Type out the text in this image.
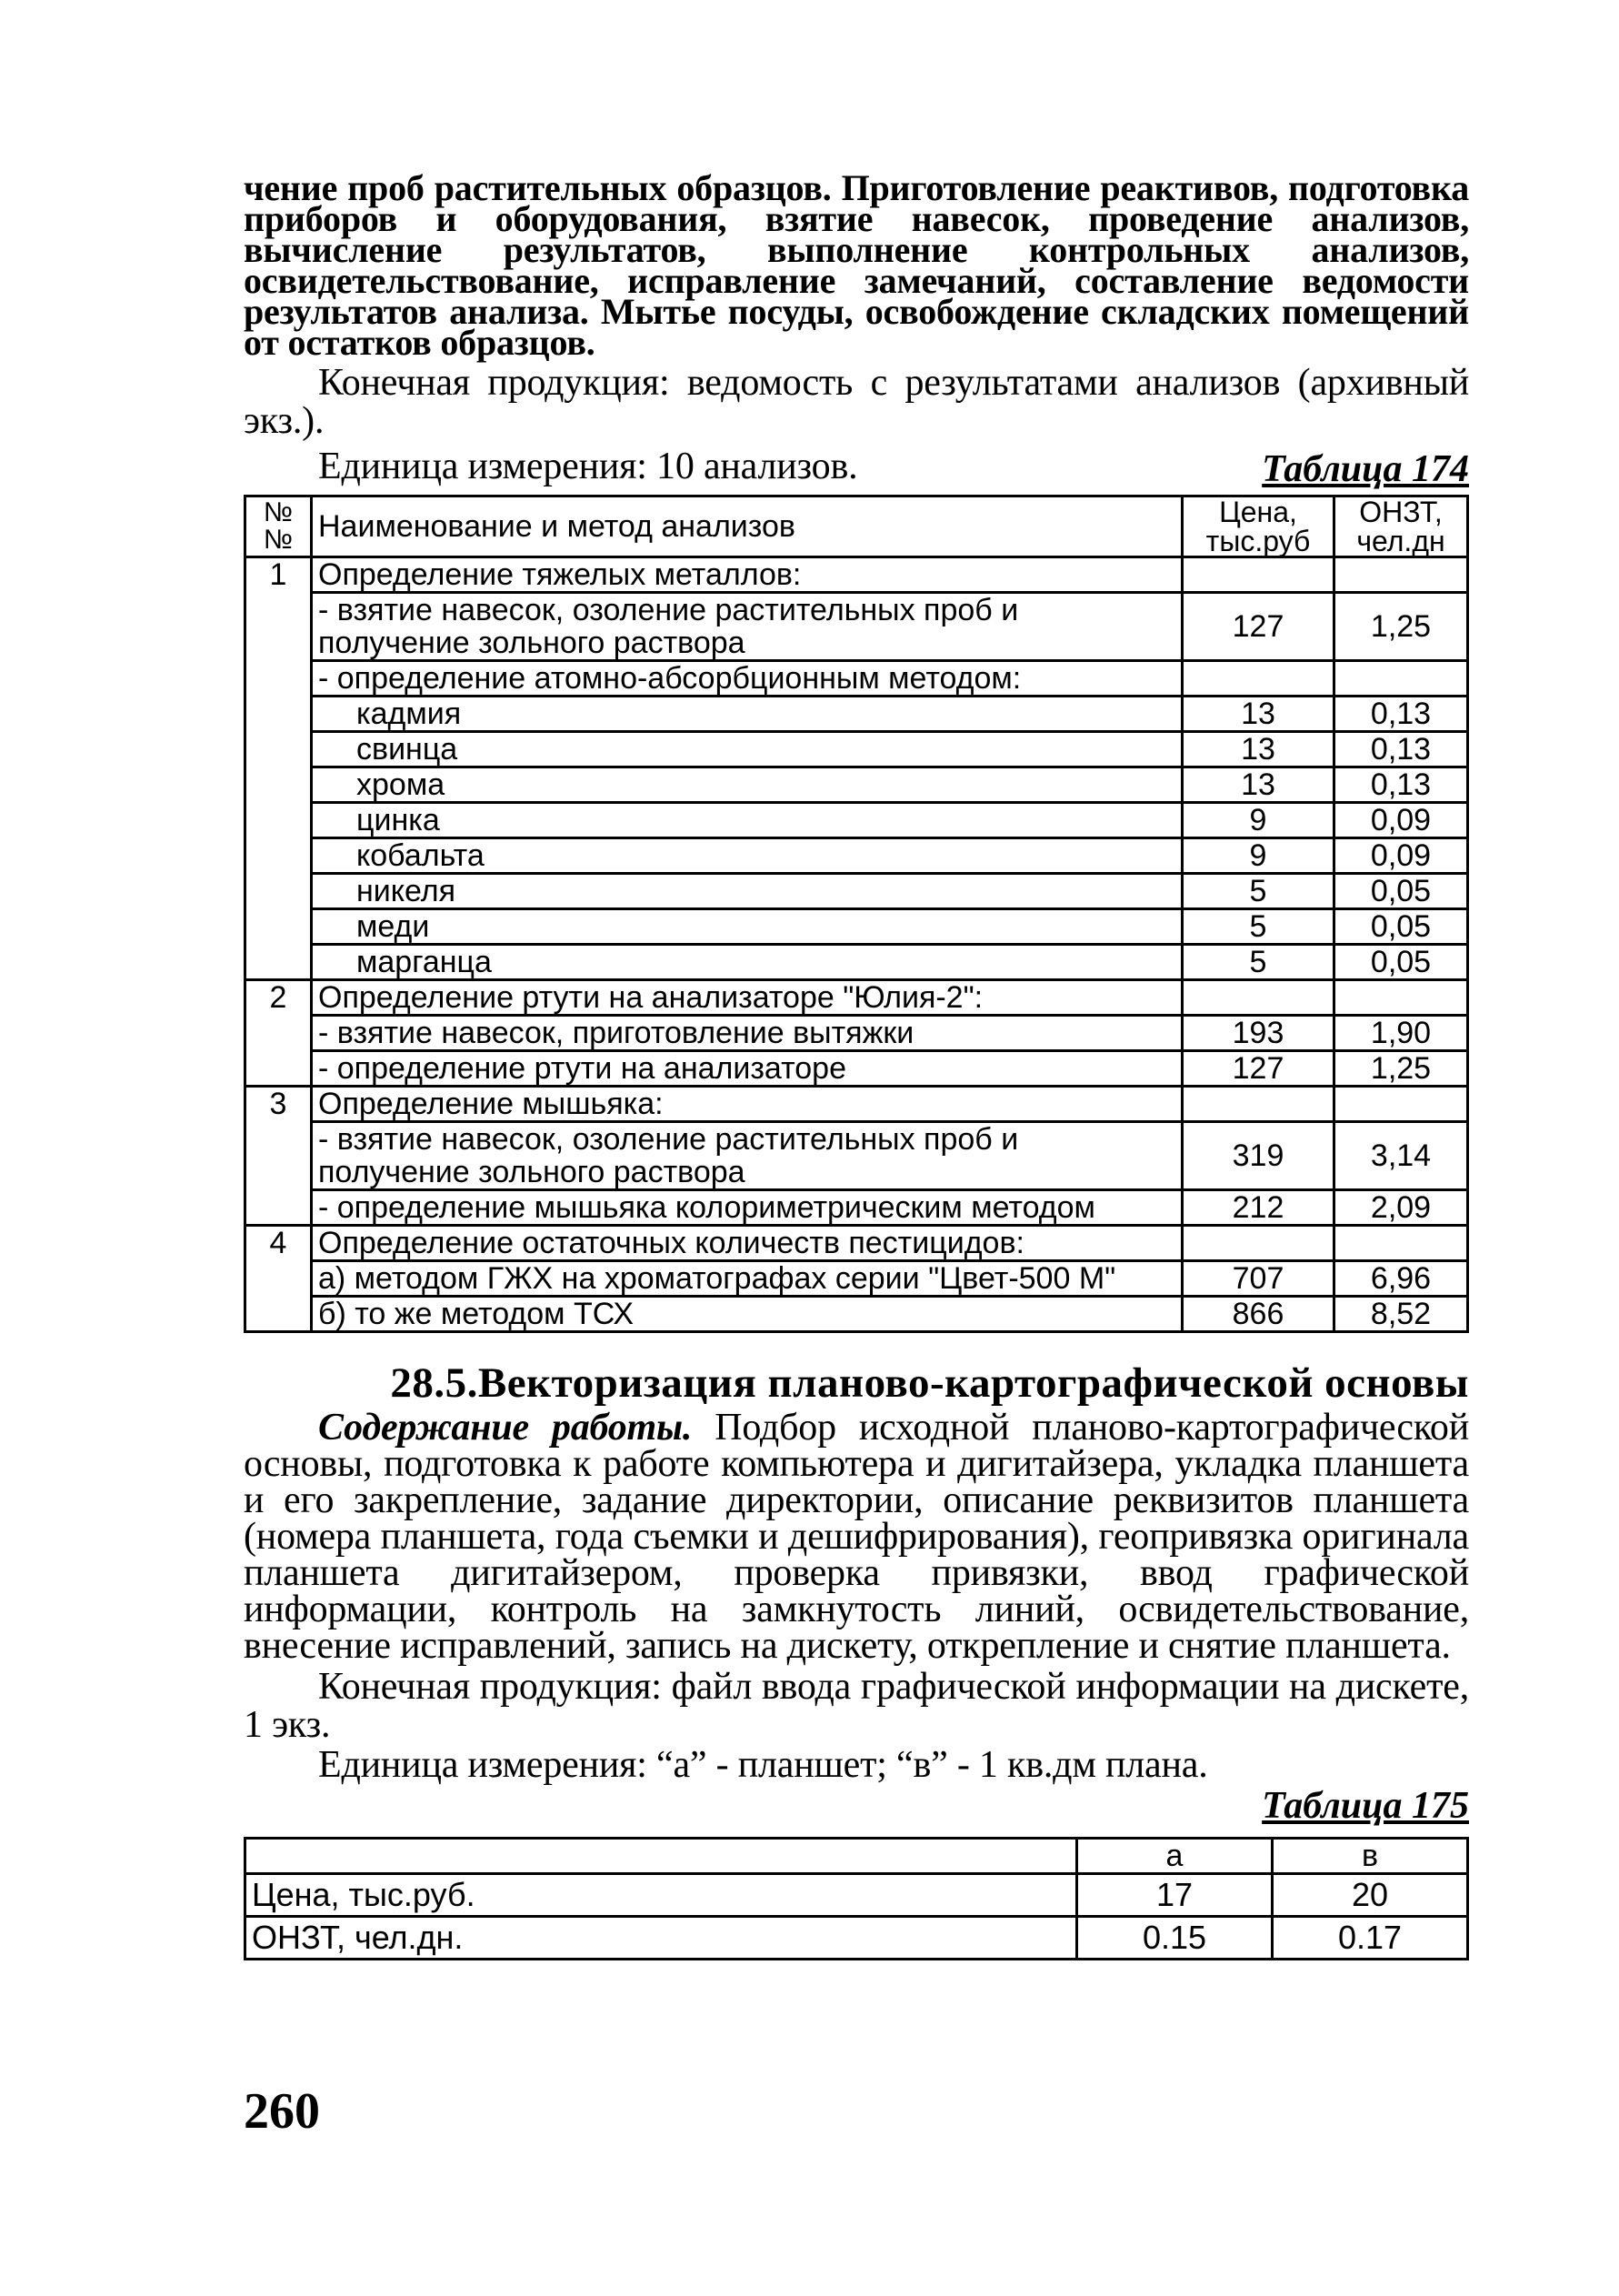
чение проб растительных образцов. Приготовление реактивов, подготовка приборов и оборудования, взятие навесок, проведение анализов, вычисление результатов, выполнение контрольных анализов, освидетельствование, исправление замечаний, составление ведомости результатов анализа. Мытье посуды, освобождение складских помещений от остатков образцов.

Конечная продукция: ведомость с результатами анализов (архивный экз.).

Единица измерения: 10 анализов.	Таблица 174
№ №	Наименование и метод анализов	Цена, тыс.руб	ОНЗТ, чел.дн
1	Определение тяжелых металлов:		
	- взятие навесок, озоление растительных проб и получение зольного раствора	127	1,25
	- определение атомно-абсорбционным методом:		
	кадмия	13	0,13
	свинца	13	0,13
	хрома	13	0,13
	цинка	9	0,09
	кобальта	9	0,09
	никеля	5	0,05
	меди	5	0,05
	марганца	5	0,05
2	Определение ртути на анализаторе "Юлия-2":		
	- взятие навесок, приготовление вытяжки	193	1,90
	- определение ртути на анализаторе	127	1,25
3	Определение мышьяка:		
	- взятие навесок, озоление растительных проб и получение зольного раствора	319	3,14
	- определение мышьяка колориметрическим методом	212	2,09
4	Определение остаточных количеств пестицидов:		
	а) методом ГЖХ на хроматографах серии "Цвет-500 М"	707	6,96
	б) то же методом ТСХ	866	8,52
28.5.Векторизация планово-картографической основы

Содержание работы. Подбор исходной планово-картографической основы, подготовка к работе компьютера и дигитайзера, укладка планшета и его закрепление, задание директории, описание реквизитов планшета (номера планшета, года съемки и дешифрирования), геопривязка оригинала планшета дигитайзером, проверка привязки, ввод графической информации, контроль на замкнутость линий, освидетельствование, внесение исправлений, запись на дискету, открепление и снятие планшета.

Конечная продукция: файл ввода графической информации на дискете, 1 экз.

Единица измерения: “а” - планшет; “в” - 1 кв.дм плана.

Таблица 175
	а	в
Цена, тыс.руб.	17	20
ОНЗТ, чел.дн.	0.15	0.17
260
